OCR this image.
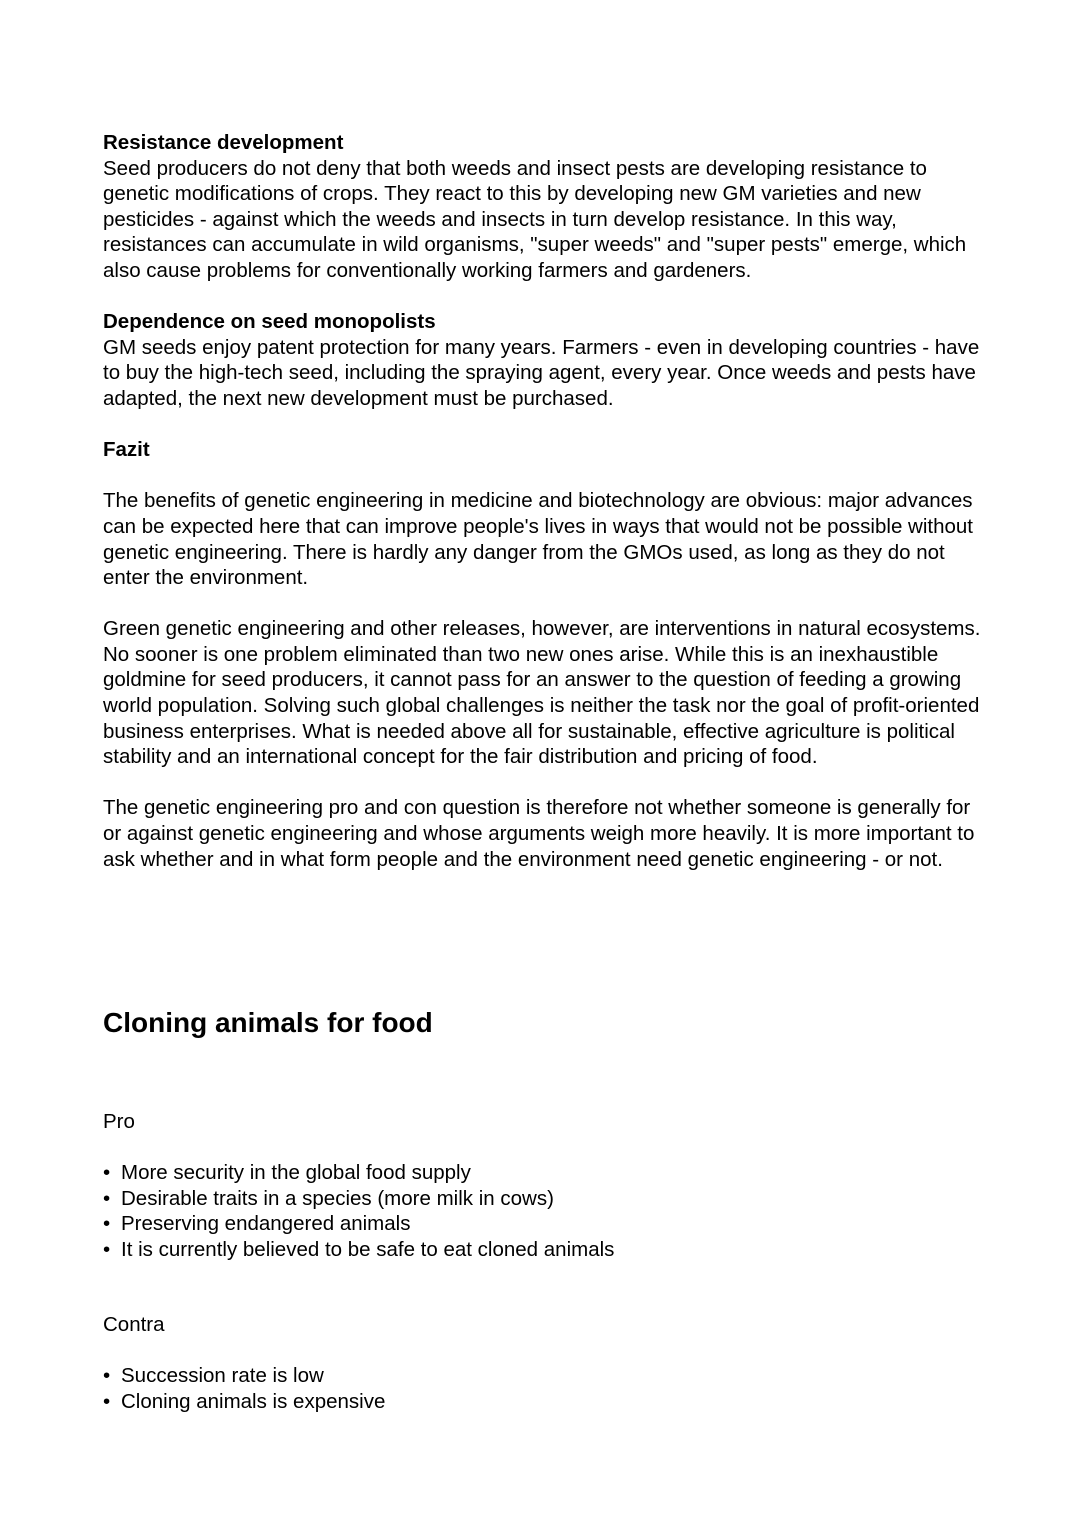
Resistance development

Seed producers do not deny that both weeds and insect pests are developing resistance to genetic modifications of crops. They react to this by developing new GM varieties and new pesticides - against which the weeds and insects in turn develop resistance. In this way, resistances can accumulate in wild organisms, "super weeds" and "super pests" emerge, which also cause problems for conventionally working farmers and gardeners.

Dependence on seed monopolists

GM seeds enjoy patent protection for many years. Farmers - even in developing countries - have to buy the high-tech seed, including the spraying agent, every year. Once weeds and pests have adapted, the next new development must be purchased.

Fazit

The benefits of genetic engineering in medicine and biotechnology are obvious: major advances can be expected here that can improve people's lives in ways that would not be possible without genetic engineering. There is hardly any danger from the GMOs used, as long as they do not enter the environment.

Green genetic engineering and other releases, however, are interventions in natural ecosystems. No sooner is one problem eliminated than two new ones arise. While this is an inexhaustible goldmine for seed producers, it cannot pass for an answer to the question of feeding a growing world population. Solving such global challenges is neither the task nor the goal of profit-oriented business enterprises. What is needed above all for sustainable, effective agriculture is political stability and an international concept for the fair distribution and pricing of food.

The genetic engineering pro and con question is therefore not whether someone is generally for or against genetic engineering and whose arguments weigh more heavily. It is more important to ask whether and in what form people and the environment need genetic engineering - or not.

Cloning animals for food

Pro

• More security in the global food supply
• Desirable traits in a species (more milk in cows)
• Preserving endangered animals
• It is currently believed to be safe to eat cloned animals

Contra

• Succession rate is low
• Cloning animals is expensive
